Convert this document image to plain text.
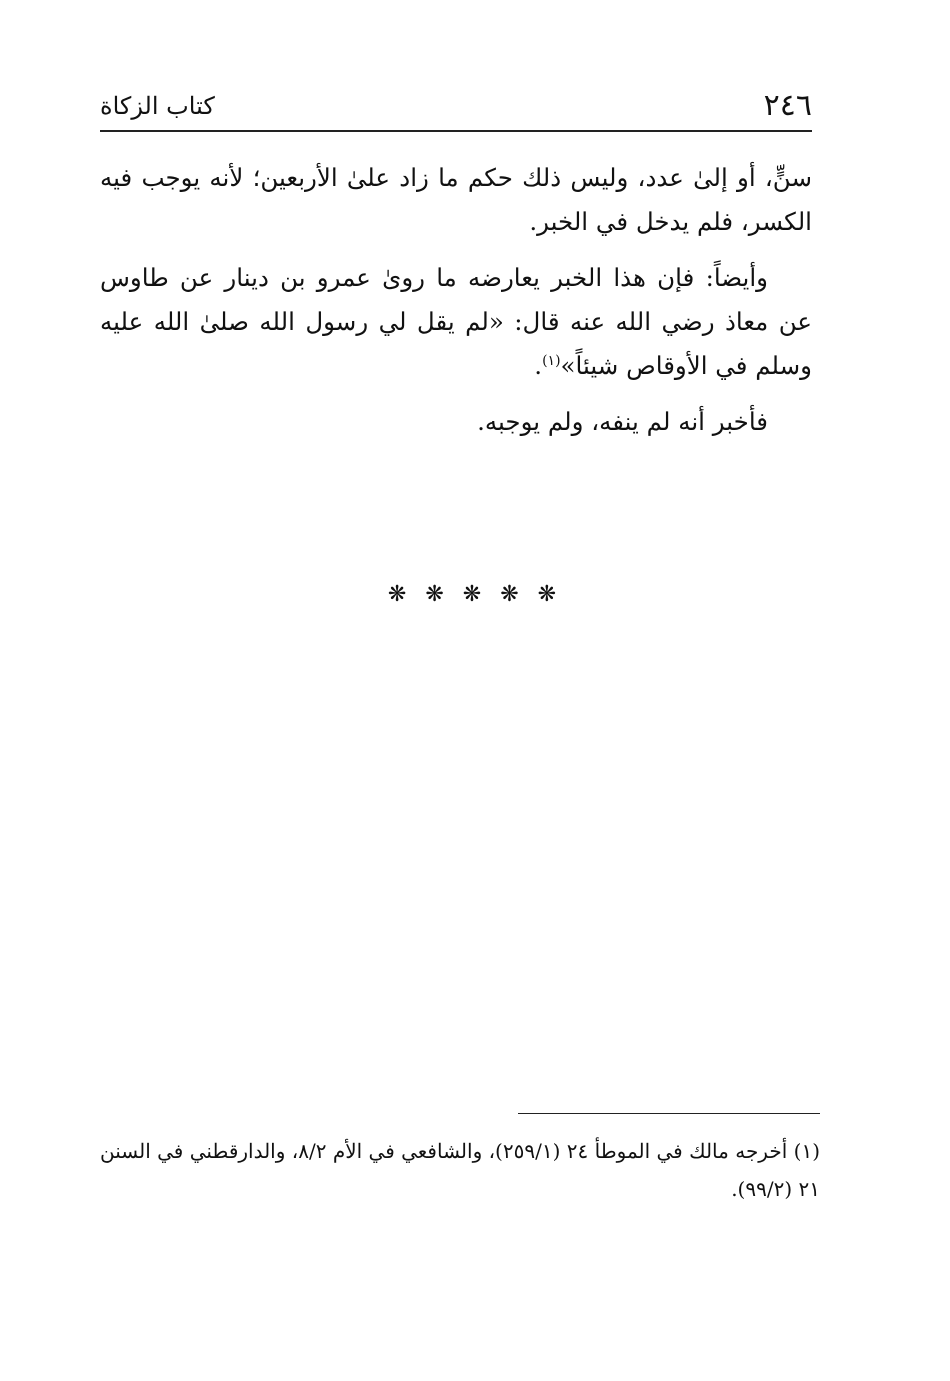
٢٤٦
كتاب الزكاة

سنٍّ، أو إلىٰ عدد، وليس ذلك حكم ما زاد علىٰ الأربعين؛ لأنه يوجب فيه الكسر، فلم يدخل في الخبر.

وأيضاً: فإن هذا الخبر يعارضه ما روىٰ عمرو بن دينار عن طاوس عن معاذ رضي الله عنه قال: «لم يقل لي رسول الله صلىٰ الله عليه وسلم في الأوقاص شيئاً»$^{(١)}$.

فأخبر أنه لم ينفه، ولم يوجبه.

❋ ❋ ❋ ❋ ❋

(١) أخرجه مالك في الموطأ ٢٤ (٢٥٩/١)، والشافعي في الأم ٨/٢، والدارقطني في السنن ٢١ (٩٩/٢).
